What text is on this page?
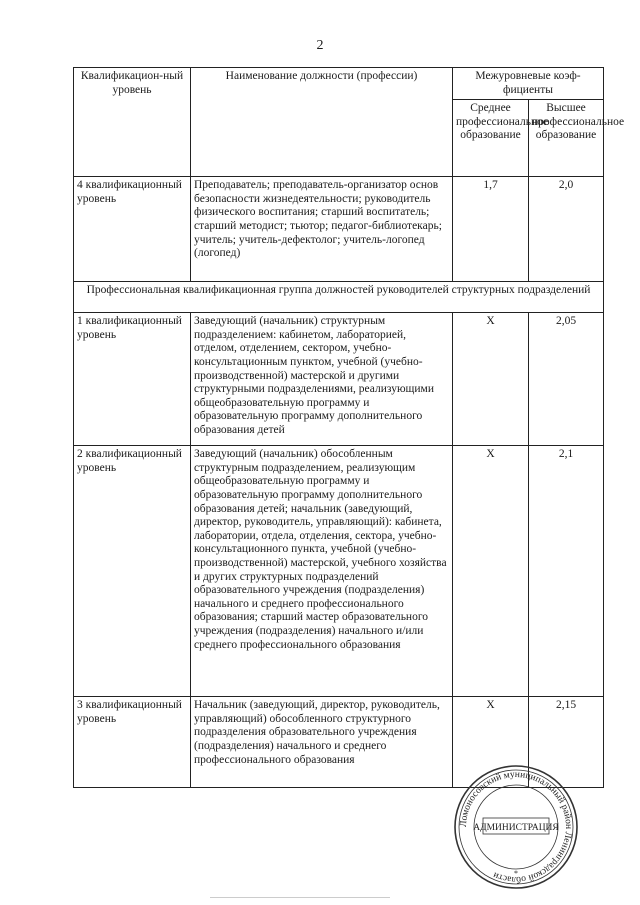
2
Квалификацион-ный уровень	Наименование должности (профессии)	Межуровневые коэф-фициенты	
		Среднее профессиональное образование	Высшее профессиональное образование
4 квалификационный уровень	Преподаватель; преподаватель-организатор основ безопасности жизнедеятельности; руководитель физического воспитания; старший воспитатель; старший методист; тьютор; педагог-библиотекарь; учитель; учитель-дефектолог; учитель-логопед (логопед)	1,7	2,0
Профессиональная квалификационная группа должностей руководителей структурных подразделений			
1 квалификационный уровень	Заведующий (начальник) структурным подразделением: кабинетом, лабораторией, отделом, отделением, сектором, учебно-консультационным пунктом, учебной (учебно-производственной) мастерской и другими структурными подразделениями, реализующими общеобразовательную программу и образовательную программу дополнительного образования детей	Х	2,05
2 квалификационный уровень	Заведующий (начальник) обособленным структурным подразделением, реализующим общеобразовательную программу и образовательную программу дополнительного образования детей; начальник (заведующий, директор, руководитель, управляющий): кабинета, лаборатории, отдела, отделения, сектора, учебно-консультационного пункта, учебной (учебно-производственной) мастерской, учебного хозяйства и других структурных подразделений образовательного учреждения (подразделения) начального и среднего профессионального образования; старший мастер образовательного учреждения (подразделения) начального и/или среднего профессионального образования	Х	2,1
3 квалификационный уровень	Начальник (заведующий, директор, руководитель, управляющий) обособленного структурного подразделения образовательного учреждения (подразделения) начального и среднего профессионального образования	Х	2,15
Ломоносовский муниципальный район Ленинградской области
АДМИНИСТРАЦИЯ
*
